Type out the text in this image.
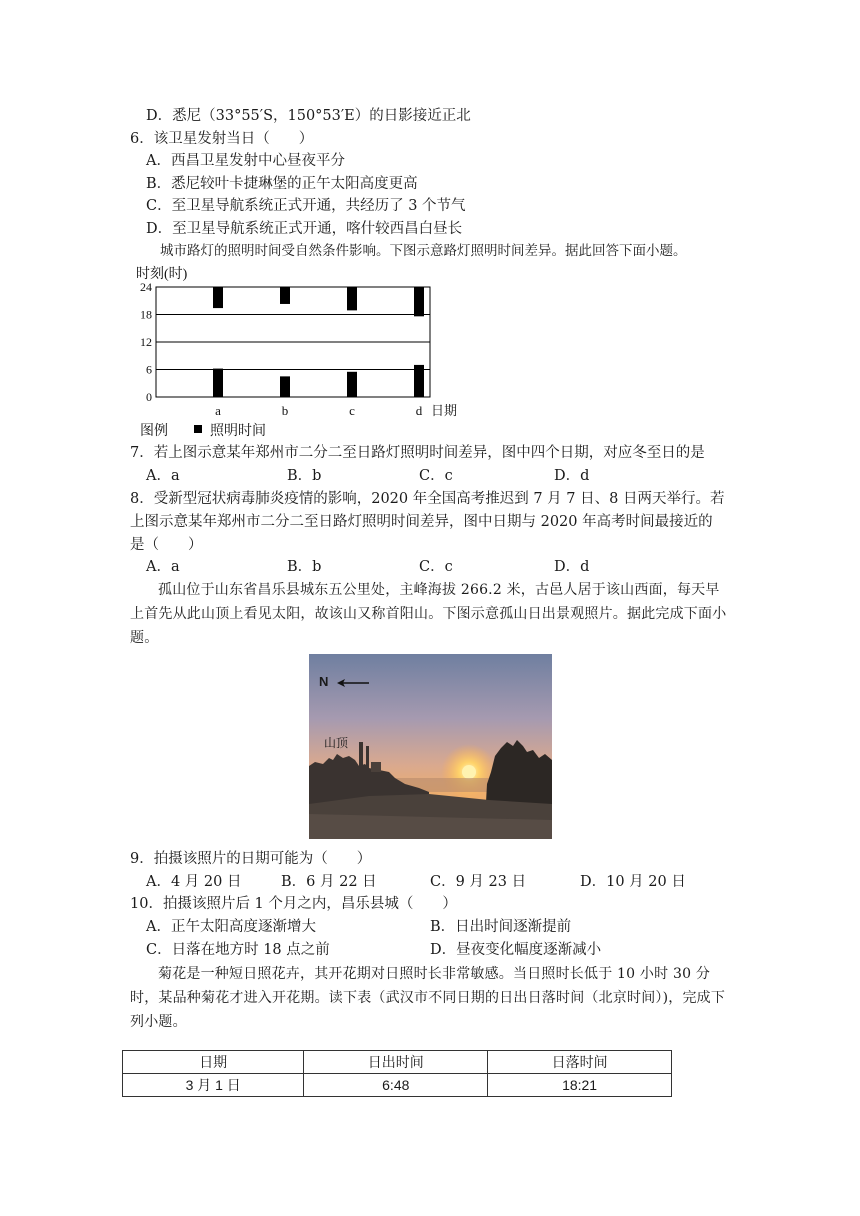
D．悉尼（33°55′S，150°53′E）的日影接近正北
6．该卫星发射当日（　　）
A．西昌卫星发射中心昼夜平分
B．悉尼较叶卡捷琳堡的正午太阳高度更高
C．至卫星导航系统正式开通，共经历了 3 个节气
D．至卫星导航系统正式开通，喀什较西昌白昼长
城市路灯的照明时间受自然条件影响。下图示意路灯照明时间差异。据此回答下面小题。
时刻(时)
0
6
12
18
24
a	b	c	d 日期
图例	照明时间
7．若上图示意某年郑州市二分二至日路灯照明时间差异，图中四个日期，对应冬至日的是
A．a	B．b	C．c	D．d
8．受新型冠状病毒肺炎疫情的影响，2020 年全国高考推迟到 7 月 7 日、8 日两天举行。若
上图示意某年郑州市二分二至日路灯照明时间差异，图中日期与 2020 年高考时间最接近的
是（　　）
A．a	B．b	C．c	D．d
孤山位于山东省昌乐县城东五公里处，主峰海拔 266.2 米，古邑人居于该山西面，每天早上首先从此山顶上看见太阳，故该山又称首阳山。下图示意孤山日出景观照片。据此完成下面小题。
N
山顶
9．拍摄该照片的日期可能为（　　）
A．4 月 20 日	B．6 月 22 日	C．9 月 23 日	D．10 月 20 日
10．拍摄该照片后 1 个月之内，昌乐县城（　　）
A．正午太阳高度逐渐增大	B．日出时间逐渐提前
C．日落在地方时 18 点之前	D．昼夜变化幅度逐渐减小
菊花是一种短日照花卉，其开花期对日照时长非常敏感。当日照时长低于 10 小时 30 分时，某品种菊花才进入开花期。读下表（武汉市不同日期的日出日落时间（北京时间）)，完成下列小题。
日期	日出时间	日落时间
3 月 1 日	6:48	18:21
